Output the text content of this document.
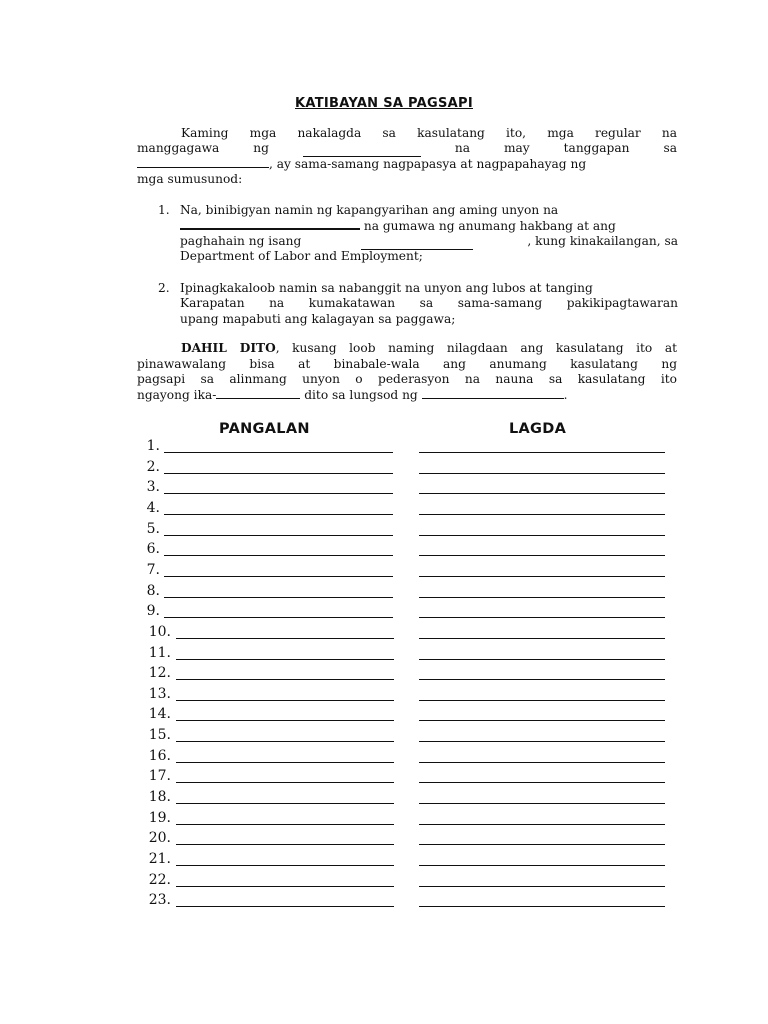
KATIBAYAN SA PAGSAPI
Kaming mga nakalagda sa kasulatang ito, mga regular na
manggagawa	ng	na	may	tanggapan	sa
, ay sama-samang nagpapasya at nagpapahayag ng
mga sumusunod:
1. Na, binibigyan namin ng kapangyarihan ang aming unyon na
na gumawa ng anumang hakbang at ang
paghahain ng isang	, kung kinakailangan, sa
Department of Labor and Employment;
2. Ipinagkakaloob namin sa nabanggit na unyon ang lubos at tanging
Karapatan na kumakatawan sa sama-samang pakikipagtawaran
upang mapabuti ang kalagayan sa paggawa;
DAHIL DITO, kusang loob naming nilagdaan ang kasulatang ito at
pinawawalang bisa at binabale-wala ang anumang kasulatang ng
pagsapi sa alinmang unyon o pederasyon na nauna sa kasulatang ito
ngayong ika-	dito sa lungsod ng	.
PANGALAN	LAGDA
1.
2.
3.
4.
5.
6.
7.
8.
9.
10.
11.
12.
13.
14.
15.
16.
17.
18.
19.
20.
21.
22.
23.
